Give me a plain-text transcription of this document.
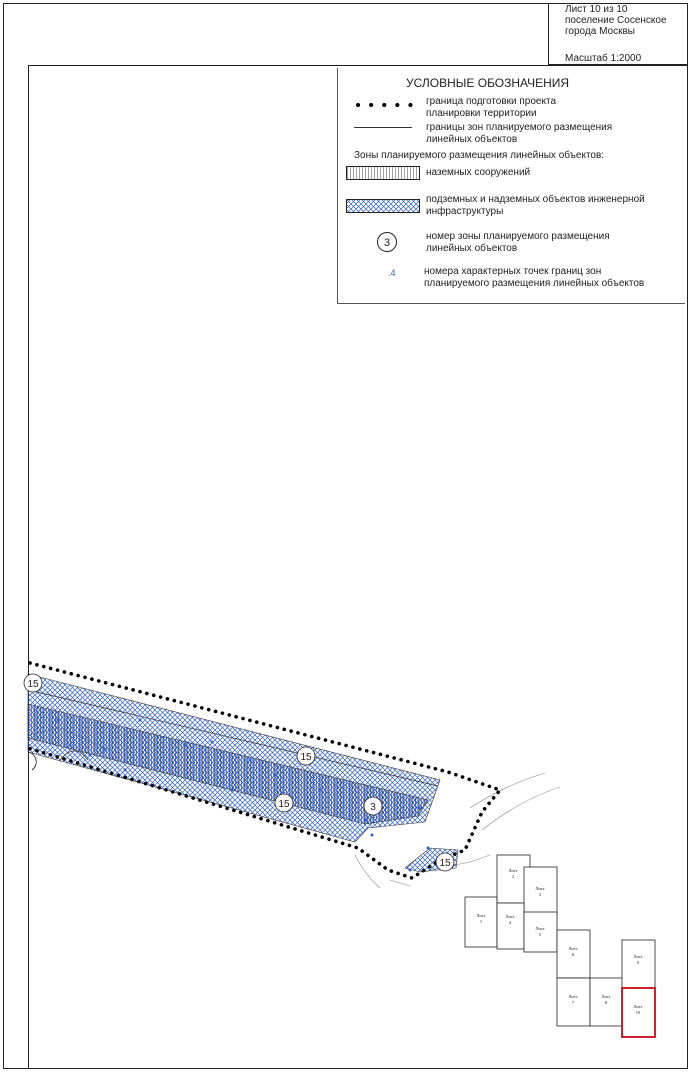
Лист 10 из 10
поселение Сосенское
города Москвы
Масштаб 1:2000
15
15
15	3
15
Лист
1
Лист
2
Лист
3
Лист
4
Лист
5
Лист
6
Лист
7
Лист
8
Лист
9
Лист
10
УСЛОВНЫЕ ОБОЗНАЧЕНИЯ
граница подготовки проекта
планировки территории
границы зон планируемого размещения
линейных объектов
Зоны планируемого размещения линейных объектов:
наземных сооружений
подземных и надземных объектов инженерной
инфраструктуры
3
номер зоны планируемого размещения
линейных объектов
.4	номера характерных точек границ зон
планируемого размещения линейных объектов
